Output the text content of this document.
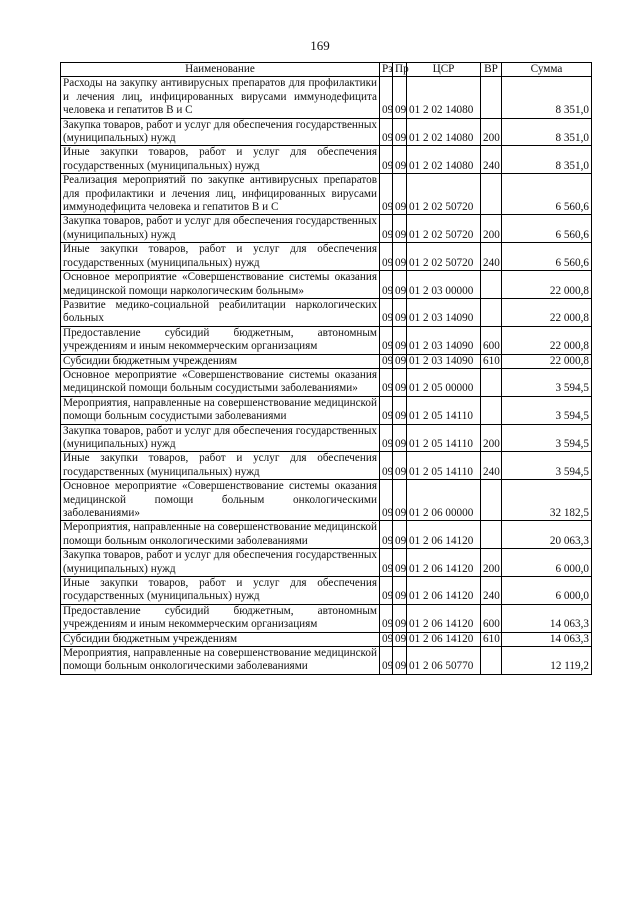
169
Наименование	Рз	Пр	ЦСР	ВР	Сумма
Расходы на закупку антивирусных препаратов для профилактики и лечения лиц, инфицированных вирусами иммунодефицита человека и гепатитов В и С	09	09	01 2 02 14080		8 351,0
Закупка товаров, работ и услуг для обеспечения государственных (муниципальных) нужд	09	09	01 2 02 14080	200	8 351,0
Иные закупки товаров, работ и услуг для обеспечения государственных (муниципальных) нужд	09	09	01 2 02 14080	240	8 351,0
Реализация мероприятий по закупке антивирусных препаратов для профилактики и лечения лиц, инфицированных вирусами иммунодефицита человека и гепатитов В и С	09	09	01 2 02 50720		6 560,6
Закупка товаров, работ и услуг для обеспечения государственных (муниципальных) нужд	09	09	01 2 02 50720	200	6 560,6
Иные закупки товаров, работ и услуг для обеспечения государственных (муниципальных) нужд	09	09	01 2 02 50720	240	6 560,6
Основное мероприятие «Совершенствование системы оказания медицинской помощи наркологическим больным»	09	09	01 2 03 00000		22 000,8
Развитие медико-социальной реабилитации наркологических больных	09	09	01 2 03 14090		22 000,8
Предоставление субсидий бюджетным, автономным учреждениям и иным некоммерческим организациям	09	09	01 2 03 14090	600	22 000,8
Субсидии бюджетным учреждениям	09	09	01 2 03 14090	610	22 000,8
Основное мероприятие «Совершенствование системы оказания медицинской помощи больным сосудистыми заболеваниями»	09	09	01 2 05 00000		3 594,5
Мероприятия, направленные на совершенствование медицинской помощи больным сосудистыми заболеваниями	09	09	01 2 05 14110		3 594,5
Закупка товаров, работ и услуг для обеспечения государственных (муниципальных) нужд	09	09	01 2 05 14110	200	3 594,5
Иные закупки товаров, работ и услуг для обеспечения государственных (муниципальных) нужд	09	09	01 2 05 14110	240	3 594,5
Основное мероприятие «Совершенствование системы оказания медицинской помощи больным онкологическими заболеваниями»	09	09	01 2 06 00000		32 182,5
Мероприятия, направленные на совершенствование медицинской помощи больным онкологическими заболеваниями	09	09	01 2 06 14120		20 063,3
Закупка товаров, работ и услуг для обеспечения государственных (муниципальных) нужд	09	09	01 2 06 14120	200	6 000,0
Иные закупки товаров, работ и услуг для обеспечения государственных (муниципальных) нужд	09	09	01 2 06 14120	240	6 000,0
Предоставление субсидий бюджетным, автономным учреждениям и иным некоммерческим организациям	09	09	01 2 06 14120	600	14 063,3
Субсидии бюджетным учреждениям	09	09	01 2 06 14120	610	14 063,3
Мероприятия, направленные на совершенствование медицинской помощи больным онкологическими заболеваниями	09	09	01 2 06 50770		12 119,2
